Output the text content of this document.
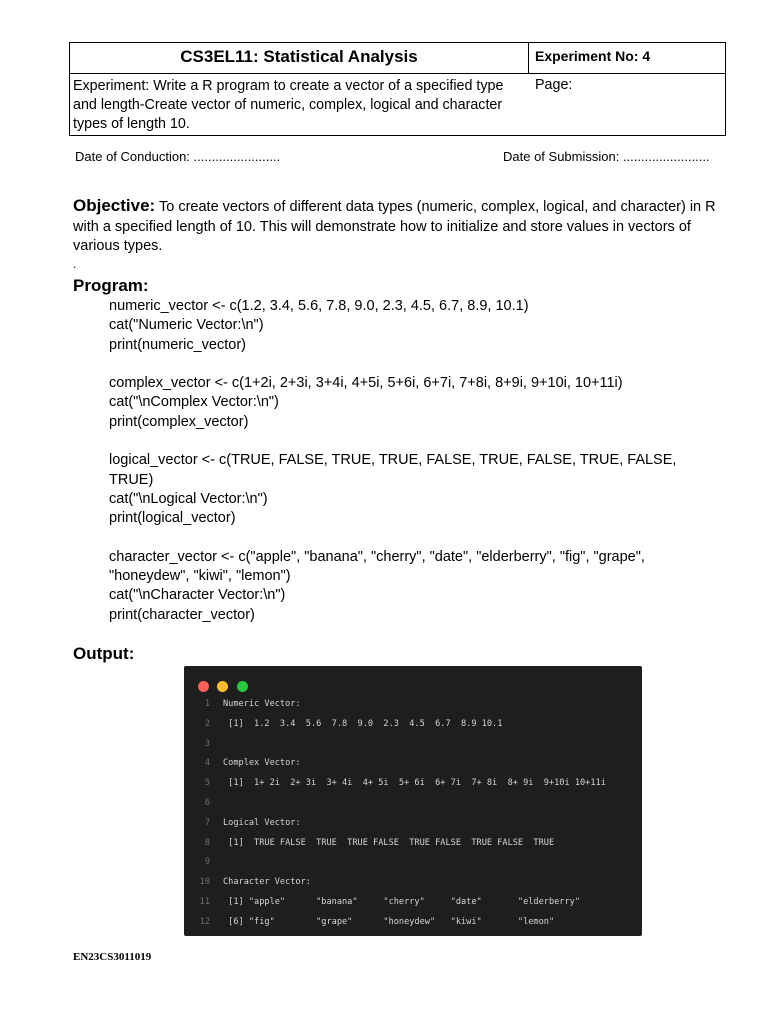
CS3EL11: Statistical Analysis	Experiment No: 4
Experiment: Write a R program to create a vector of a specified type and length-Create vector of numeric, complex, logical and character types of length 10.
Page:
Date of Conduction: ........................	Date of Submission: ........................
Objective: To create vectors of different data types (numeric, complex, logical, and character) in R with a specified length of 10. This will demonstrate how to initialize and store values in vectors of various types.
.
Program:
numeric_vector <- c(1.2, 3.4, 5.6, 7.8, 9.0, 2.3, 4.5, 6.7, 8.9, 10.1)
cat("Numeric Vector:\n")
print(numeric_vector)
complex_vector <- c(1+2i, 2+3i, 3+4i, 4+5i, 5+6i, 6+7i, 7+8i, 8+9i, 9+10i, 10+11i)
cat("\nComplex Vector:\n")
print(complex_vector)
logical_vector <- c(TRUE, FALSE, TRUE, TRUE, FALSE, TRUE, FALSE, TRUE, FALSE,
TRUE)
cat("\nLogical Vector:\n")
print(logical_vector)
character_vector <- c("apple", "banana", "cherry", "date", "elderberry", "fig", "grape",
"honeydew", "kiwi", "lemon")
cat("\nCharacter Vector:\n")
print(character_vector)
Output:

1 Numeric Vector:
2 [1]  1.2  3.4  5.6  7.8  9.0  2.3  4.5  6.7  8.9 10.1
3
4 Complex Vector:
5 [1]  1+ 2i  2+ 3i  3+ 4i  4+ 5i  5+ 6i  6+ 7i  7+ 8i  8+ 9i  9+10i 10+11i
6
7 Logical Vector:
8 [1]  TRUE FALSE  TRUE  TRUE FALSE  TRUE FALSE  TRUE FALSE  TRUE
9
10 Character Vector:
11 [1] "apple"      "banana"     "cherry"     "date"       "elderberry"
12 [6] "fig"        "grape"      "honeydew"   "kiwi"       "lemon"
EN23CS3011019
